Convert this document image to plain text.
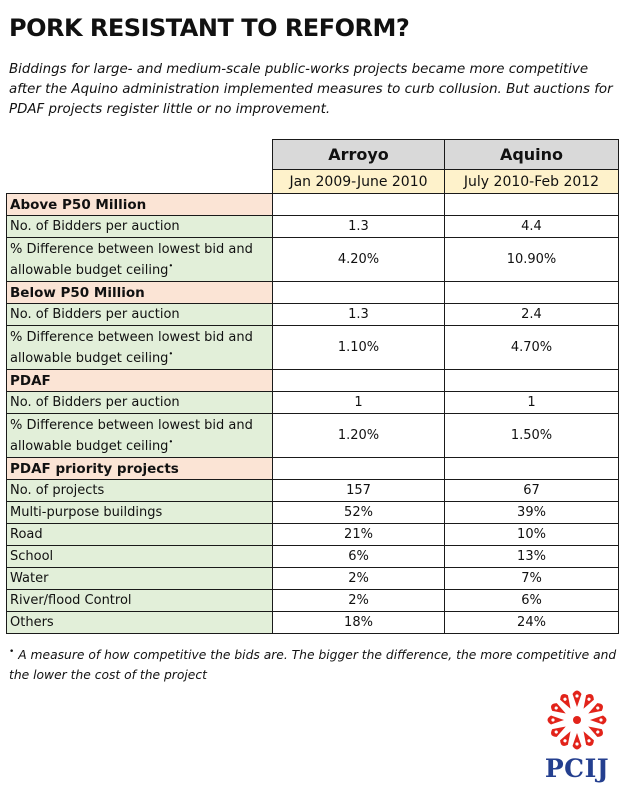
PORK RESISTANT TO REFORM?
Biddings for large- and medium-scale public-works projects became more competitive after the Aquino administration implemented measures to curb collusion. But auctions for PDAF projects register little or no improvement.
	Arroyo	Aquino
	Jan 2009-June 2010	July 2010-Feb 2012
Above P50 Million		
No. of Bidders per auction	1.3	4.4
% Difference between lowest bid and
allowable budget ceiling•	4.20%	10.90%
Below P50 Million		
No. of Bidders per auction	1.3	2.4
% Difference between lowest bid and
allowable budget ceiling•	1.10%	4.70%
PDAF		
No. of Bidders per auction	1	1
% Difference between lowest bid and
allowable budget ceiling•	1.20%	1.50%
PDAF priority projects		
No. of projects	157	67
Multi-purpose buildings	52%	39%
Road	21%	10%
School	6%	13%
Water	2%	7%
River/flood Control	2%	6%
Others	18%	24%
• A measure of how competitive the bids are. The bigger the difference, the more competitive and the lower the cost of the project
PCIJ
